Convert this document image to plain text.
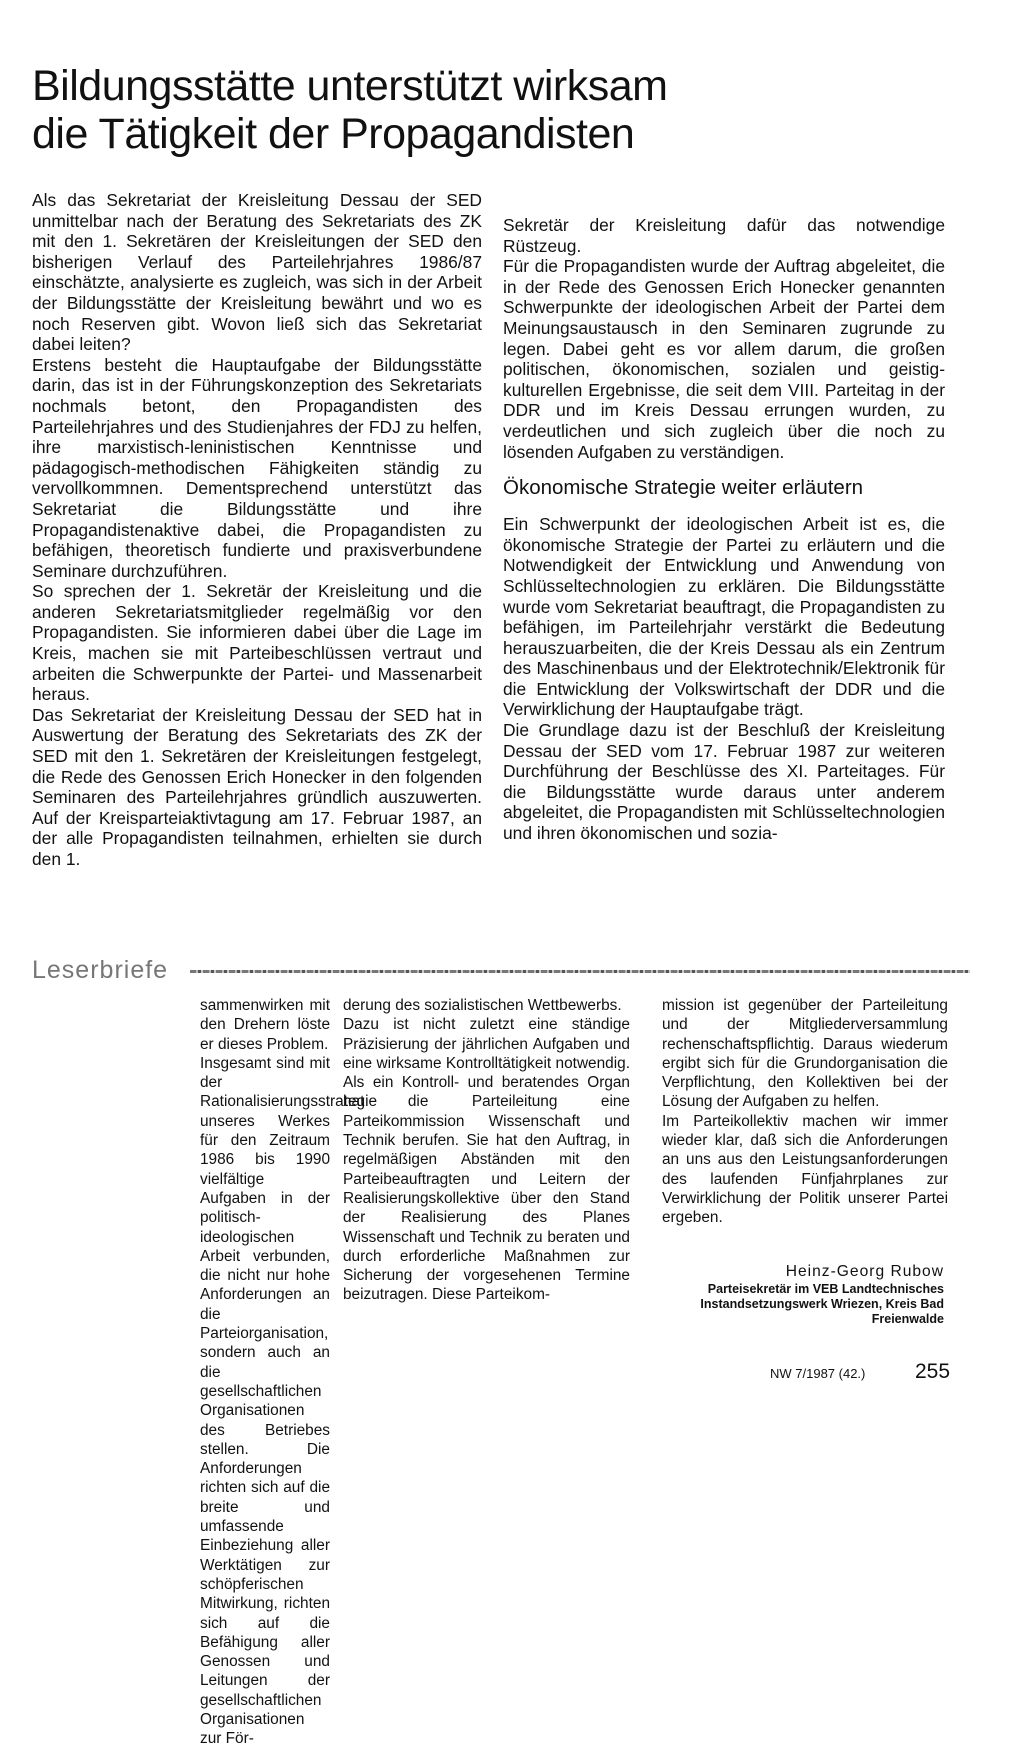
Bildungsstätte unterstützt wirksam
die Tätigkeit der Propagandisten

Als das Sekretariat der Kreisleitung Dessau der SED unmittelbar nach der Beratung des Sekretariats des ZK mit den 1. Sekretären der Kreisleitungen der SED den bisherigen Verlauf des Parteilehrjahres 1986/87 einschätzte, analysierte es zugleich, was sich in der Arbeit der Bildungsstätte der Kreisleitung bewährt und wo es noch Reserven gibt. Wovon ließ sich das Sekretariat dabei leiten?

Erstens besteht die Hauptaufgabe der Bildungsstätte darin, das ist in der Führungskonzeption des Sekretariats nochmals betont, den Propagandisten des Parteilehrjahres und des Studienjahres der FDJ zu helfen, ihre marxistisch-leninistischen Kenntnisse und pädagogisch-methodischen Fähigkeiten ständig zu vervollkommnen. Dementsprechend unterstützt das Sekretariat die Bildungsstätte und ihre Propagandistenaktive dabei, die Propagandisten zu befähigen, theoretisch fundierte und praxisverbundene Seminare durchzuführen.

So sprechen der 1. Sekretär der Kreisleitung und die anderen Sekretariatsmitglieder regelmäßig vor den Propagandisten. Sie informieren dabei über die Lage im Kreis, machen sie mit Parteibeschlüssen vertraut und arbeiten die Schwerpunkte der Partei- und Massenarbeit heraus.

Das Sekretariat der Kreisleitung Dessau der SED hat in Auswertung der Beratung des Sekretariats des ZK der SED mit den 1. Sekretären der Kreisleitungen festgelegt, die Rede des Genossen Erich Honecker in den folgenden Seminaren des Parteilehrjahres gründlich auszuwerten. Auf der Kreisparteiaktivtagung am 17. Februar 1987, an der alle Propagandisten teilnahmen, erhielten sie durch den 1.

Sekretär der Kreisleitung dafür das notwendige Rüstzeug.

Für die Propagandisten wurde der Auftrag abgeleitet, die in der Rede des Genossen Erich Honecker genannten Schwerpunkte der ideologischen Arbeit der Partei dem Meinungsaustausch in den Seminaren zugrunde zu legen. Dabei geht es vor allem darum, die großen politischen, ökonomischen, sozialen und geistig-kulturellen Ergebnisse, die seit dem VIII. Parteitag in der DDR und im Kreis Dessau errungen wurden, zu verdeutlichen und sich zugleich über die noch zu lösenden Aufgaben zu verständigen.

Ökonomische Strategie weiter erläutern

Ein Schwerpunkt der ideologischen Arbeit ist es, die ökonomische Strategie der Partei zu erläutern und die Notwendigkeit der Entwicklung und Anwendung von Schlüsseltechnologien zu erklären. Die Bildungsstätte wurde vom Sekretariat beauftragt, die Propagandisten zu befähigen, im Parteilehrjahr verstärkt die Bedeutung herauszuarbeiten, die der Kreis Dessau als ein Zentrum des Maschinenbaus und der Elektrotechnik/Elektronik für die Entwicklung der Volkswirtschaft der DDR und die Verwirklichung der Hauptaufgabe trägt.

Die Grundlage dazu ist der Beschluß der Kreisleitung Dessau der SED vom 17. Februar 1987 zur weiteren Durchführung der Beschlüsse des XI. Parteitages. Für die Bildungsstätte wurde daraus unter anderem abgeleitet, die Propagandisten mit Schlüsseltechnologien und ihren ökonomischen und sozia-

Leserbriefe

sammenwirken mit den Drehern löste er dieses Problem.

Insgesamt sind mit der Rationalisierungsstrategie unseres Werkes für den Zeitraum 1986 bis 1990 vielfältige Aufgaben in der politisch-ideologischen Arbeit verbunden, die nicht nur hohe Anforderungen an die Parteiorganisation, sondern auch an die gesellschaftlichen Organisationen des Betriebes stellen. Die Anforderungen richten sich auf die breite und umfassende Einbeziehung aller Werktätigen zur schöpferischen Mitwirkung, richten sich auf die Befähigung aller Genossen und Leitungen der gesellschaftlichen Organisationen zur För-

derung des sozialistischen Wettbewerbs.

Dazu ist nicht zuletzt eine ständige Präzisierung der jährlichen Aufgaben und eine wirksame Kontrolltätigkeit notwendig. Als ein Kontroll- und beratendes Organ hat die Parteileitung eine Parteikommission Wissenschaft und Technik berufen. Sie hat den Auftrag, in regelmäßigen Abständen mit den Parteibeauftragten und Leitern der Realisierungskollektive über den Stand der Realisierung des Planes Wissenschaft und Technik zu beraten und durch erforderliche Maßnahmen zur Sicherung der vorgesehenen Termine beizutragen. Diese Parteikom-

mission ist gegenüber der Parteileitung und der Mitgliederversammlung rechenschaftspflichtig. Daraus wiederum ergibt sich für die Grundorganisation die Verpflichtung, den Kollektiven bei der Lösung der Aufgaben zu helfen.

Im Parteikollektiv machen wir immer wieder klar, daß sich die Anforderungen an uns aus den Leistungsanforderungen des laufenden Fünfjahrplanes zur Verwirklichung der Politik unserer Partei ergeben.

Heinz-Georg Rubow
Parteisekretär im VEB Landtechnisches
Instandsetzungswerk Wriezen, Kreis Bad
Freienwalde
NW 7/1987 (42.) 255
